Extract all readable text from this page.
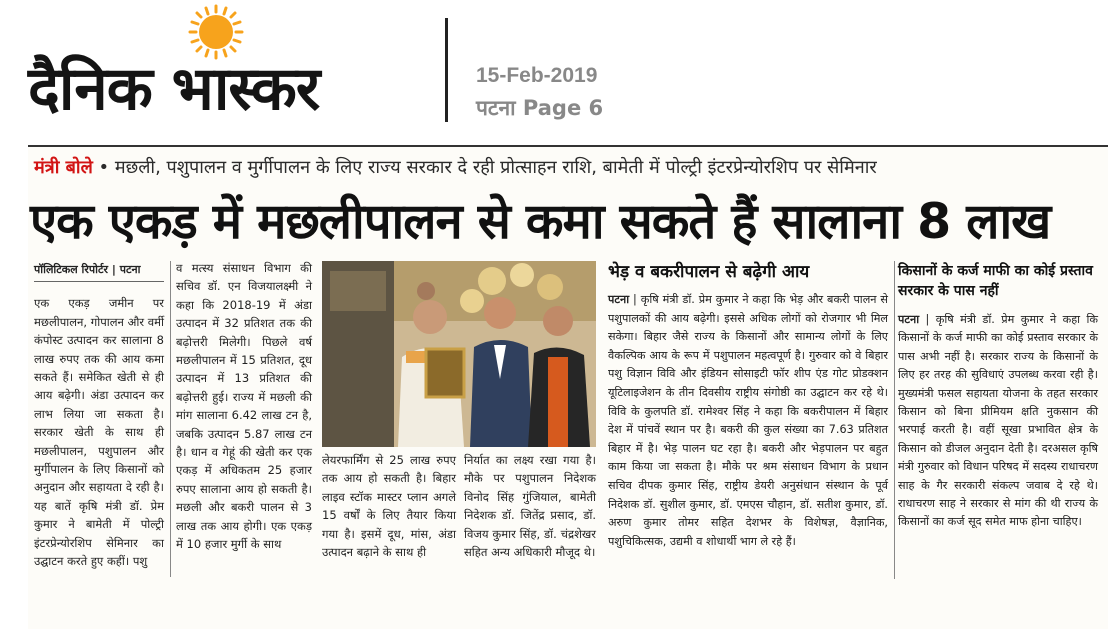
दैनिक भास्कर	15-Feb-2019
पटना Page 6
मंत्री बोले • मछली, पशुपालन व मुर्गीपालन के लिए राज्य सरकार दे रही प्रोत्साहन राशि, बामेती में पोल्ट्री इंटरप्रेन्योरशिप पर सेमिनार
एक एकड़ में मछलीपालन से कमा सकते हैं सालाना 8 लाख
पॉलिटिकल रिपोर्टर | पटना
एक एकड़ जमीन पर मछलीपालन, गोपालन और वर्मी कंपोस्ट उत्पादन कर सालाना 8 लाख रुपए तक की आय कमा सकते हैं। समेकित खेती से ही आय बढ़ेगी। अंडा उत्पादन कर लाभ लिया जा सकता है। सरकार खेती के साथ ही मछलीपालन, पशुपालन और मुर्गीपालन के लिए किसानों को अनुदान और सहायता दे रही है। यह बातें कृषि मंत्री डॉ. प्रेम कुमार ने बामेती में पोल्ट्री इंटरप्रेन्योरशिप सेमिनार का उद्घाटन करते हुए कहीं। पशु
व मत्स्य संसाधन विभाग की सचिव डॉ. एन विजयालक्ष्मी ने कहा कि 2018-19 में अंडा उत्पादन में 32 प्रतिशत तक की बढ़ोत्तरी मिलेगी। पिछले वर्ष मछलीपालन में 15 प्रतिशत, दूध उत्पादन में 13 प्रतिशत की बढ़ोत्तरी हुई। राज्य में मछली की मांग सालाना 6.42 लाख टन है, जबकि उत्पादन 5.87 लाख टन है। धान व गेहूं की खेती कर एक एकड़ में अधिकतम 25 हजार रुपए सालाना आय हो सकती है। मछली और बकरी पालन से 3 लाख तक आय होगी। एक एकड़ में 10 हजार मुर्गी के साथ
लेयरफार्मिंग से 25 लाख रुपए तक आय हो सकती है। बिहार लाइव स्टॉक मास्टर प्लान अगले 15 वर्षों के लिए तैयार किया गया है। इसमें दूध, मांस, अंडा उत्पादन बढ़ाने के साथ ही
निर्यात का लक्ष्य रखा गया है। मौके पर पशुपालन निदेशक विनोद सिंह गुंजियाल, बामेती निदेशक डॉ. जितेंद्र प्रसाद, डॉ. विजय कुमार सिंह, डॉ. चंद्रशेखर सहित अन्य अधिकारी मौजूद थे।
भेड़ व बकरीपालन से बढ़ेगी आय
पटना | कृषि मंत्री डॉ. प्रेम कुमार ने कहा कि भेड़ और बकरी पालन से पशुपालकों की आय बढ़ेगी। इससे अधिक लोगों को रोजगार भी मिल सकेगा। बिहार जैसे राज्य के किसानों और सामान्य लोगों के लिए वैकल्पिक आय के रूप में पशुपालन महत्वपूर्ण है। गुरुवार को वे बिहार पशु विज्ञान विवि और इंडियन सोसाइटी फॉर शीप एंड गोट प्रोडक्शन यूटिलाइजेशन के तीन दिवसीय राष्ट्रीय संगोष्ठी का उद्घाटन कर रहे थे। विवि के कुलपति डॉ. रामेश्वर सिंह ने कहा कि बकरीपालन में बिहार देश में पांचवें स्थान पर है। बकरी की कुल संख्या का 7.63 प्रतिशत बिहार में है। भेड़ पालन घट रहा है। बकरी और भेड़पालन पर बहुत काम किया जा सकता है। मौके पर श्रम संसाधन विभाग के प्रधान सचिव दीपक कुमार सिंह, राष्ट्रीय डेयरी अनुसंधान संस्थान के पूर्व निदेशक डॉ. सुशील कुमार, डॉ. एमएस चौहान, डॉ. सतीश कुमार, डॉ. अरुण कुमार तोमर सहित देशभर के विशेषज्ञ, वैज्ञानिक, पशुचिकित्सक, उद्यमी व शोधार्थी भाग ले रहे हैं।
किसानों के कर्ज माफी का कोई प्रस्ताव सरकार के पास नहीं
पटना | कृषि मंत्री डॉ. प्रेम कुमार ने कहा कि किसानों के कर्ज माफी का कोई प्रस्ताव सरकार के पास अभी नहीं है। सरकार राज्य के किसानों के लिए हर तरह की सुविधाएं उपलब्ध करवा रही है। मुख्यमंत्री फसल सहायता योजना के तहत सरकार किसान को बिना प्रीमियम क्षति नुकसान की भरपाई करती है। वहीं सूखा प्रभावित क्षेत्र के किसान को डीजल अनुदान देती है। दरअसल कृषि मंत्री गुरुवार को विधान परिषद में सदस्य राधाचरण साह के गैर सरकारी संकल्प जवाब दे रहे थे। राधाचरण साह ने सरकार से मांग की थी राज्य के किसानों का कर्ज सूद समेत माफ होना चाहिए।
